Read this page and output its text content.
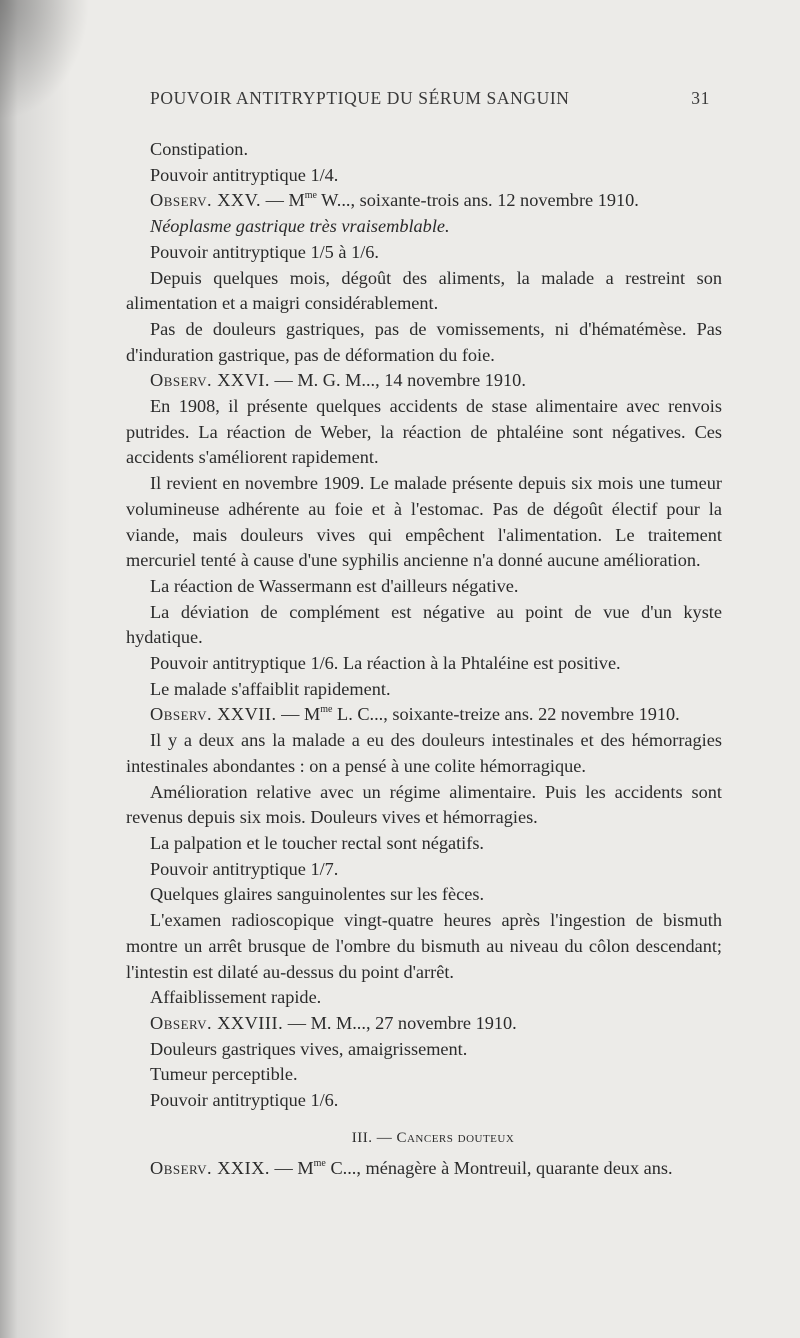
POUVOIR ANTITRYPTIQUE DU SÉRUM SANGUIN	31

Constipation.

Pouvoir antitryptique 1/4.

Observ. XXV. — $M^{me}$ W..., soixante-trois ans. 12 novembre 1910.

Néoplasme gastrique très vraisemblable.

Pouvoir antitryptique 1/5 à 1/6.

Depuis quelques mois, dégoût des aliments, la malade a restreint son alimentation et a maigri considérablement.

Pas de douleurs gastriques, pas de vomissements, ni d'hématémèse. Pas d'induration gastrique, pas de déformation du foie.

Observ. XXVI. — M. G. M..., 14 novembre 1910.

En 1908, il présente quelques accidents de stase alimentaire avec renvois putrides. La réaction de Weber, la réaction de phtaléine sont négatives. Ces accidents s'améliorent rapidement.

Il revient en novembre 1909. Le malade présente depuis six mois une tumeur volumineuse adhérente au foie et à l'estomac. Pas de dégoût électif pour la viande, mais douleurs vives qui empêchent l'alimentation. Le traitement mercuriel tenté à cause d'une syphilis ancienne n'a donné aucune amélioration.

La réaction de Wassermann est d'ailleurs négative.

La déviation de complément est négative au point de vue d'un kyste hydatique.

Pouvoir antitryptique 1/6. La réaction à la Phtaléine est positive.

Le malade s'affaiblit rapidement.

Observ. XXVII. — $M^{me}$ L. C..., soixante-treize ans. 22 novembre 1910.

Il y a deux ans la malade a eu des douleurs intestinales et des hémorragies intestinales abondantes : on a pensé à une colite hémorragique.

Amélioration relative avec un régime alimentaire. Puis les accidents sont revenus depuis six mois. Douleurs vives et hémorragies.

La palpation et le toucher rectal sont négatifs.

Pouvoir antitryptique 1/7.

Quelques glaires sanguinolentes sur les fèces.

L'examen radioscopique vingt-quatre heures après l'ingestion de bismuth montre un arrêt brusque de l'ombre du bismuth au niveau du côlon descendant; l'intestin est dilaté au-dessus du point d'arrêt.

Affaiblissement rapide.

Observ. XXVIII. — M. M..., 27 novembre 1910.

Douleurs gastriques vives, amaigrissement.

Tumeur perceptible.

Pouvoir antitryptique 1/6.

III. — Cancers douteux

Observ. XXIX. — $M^{me}$ C..., ménagère à Montreuil, quarante deux ans.
